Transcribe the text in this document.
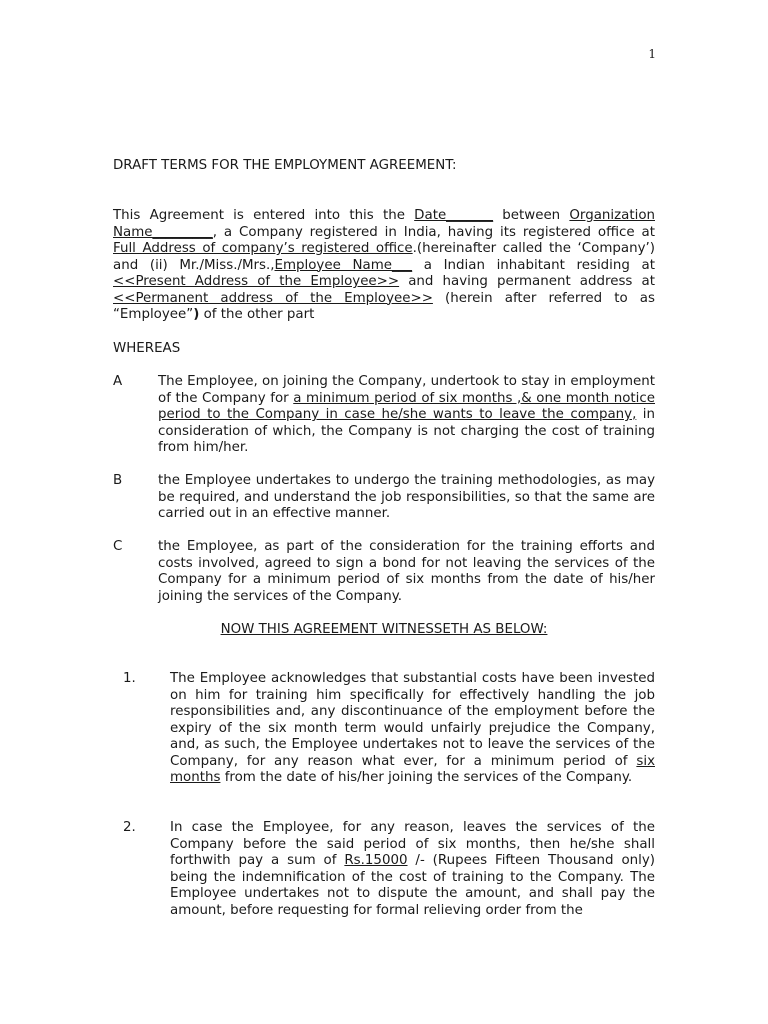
1
DRAFT TERMS FOR THE EMPLOYMENT AGREEMENT:
This Agreement is entered into this the Date_______ between Organization Name_________, a Company registered in India, having its registered office at Full Address of company’s registered office.(hereinafter called the ‘Company’) and (ii) Mr./Miss./Mrs.,Employee Name___ a Indian inhabitant residing at <<Present Address of the Employee>> and having permanent address at <<Permanent address of the Employee>> (herein after referred to as “Employee”) of the other part
WHEREAS
A	The Employee, on joining the Company, undertook to stay in employment of the Company for a minimum period of six months ,& one month notice period to the Company in case he/she wants to leave the company, in consideration of which, the Company is not charging the cost of training from him/her.
B	the Employee undertakes to undergo the training methodologies, as may be required, and understand the job responsibilities, so that the same are carried out in an effective manner.
C	the Employee, as part of the consideration for the training efforts and costs involved, agreed to sign a bond for not leaving the services of the Company for a minimum period of six months from the date of his/her joining the services of the Company.
NOW THIS AGREEMENT WITNESSETH AS BELOW:
1.	The Employee acknowledges that substantial costs have been invested on him for training him specifically for effectively handling the job responsibilities and, any discontinuance of the employment before the expiry of the six month term would unfairly prejudice the Company, and, as such, the Employee undertakes not to leave the services of the Company, for any reason what ever, for a minimum period of six months from the date of his/her joining the services of the Company.
2.	In case the Employee, for any reason, leaves the services of the Company before the said period of six months, then he/she shall forthwith pay a sum of Rs.15000 /- (Rupees Fifteen Thousand only) being the indemnification of the cost of training to the Company. The Employee undertakes not to dispute the amount, and shall pay the amount, before requesting for formal relieving order from the
